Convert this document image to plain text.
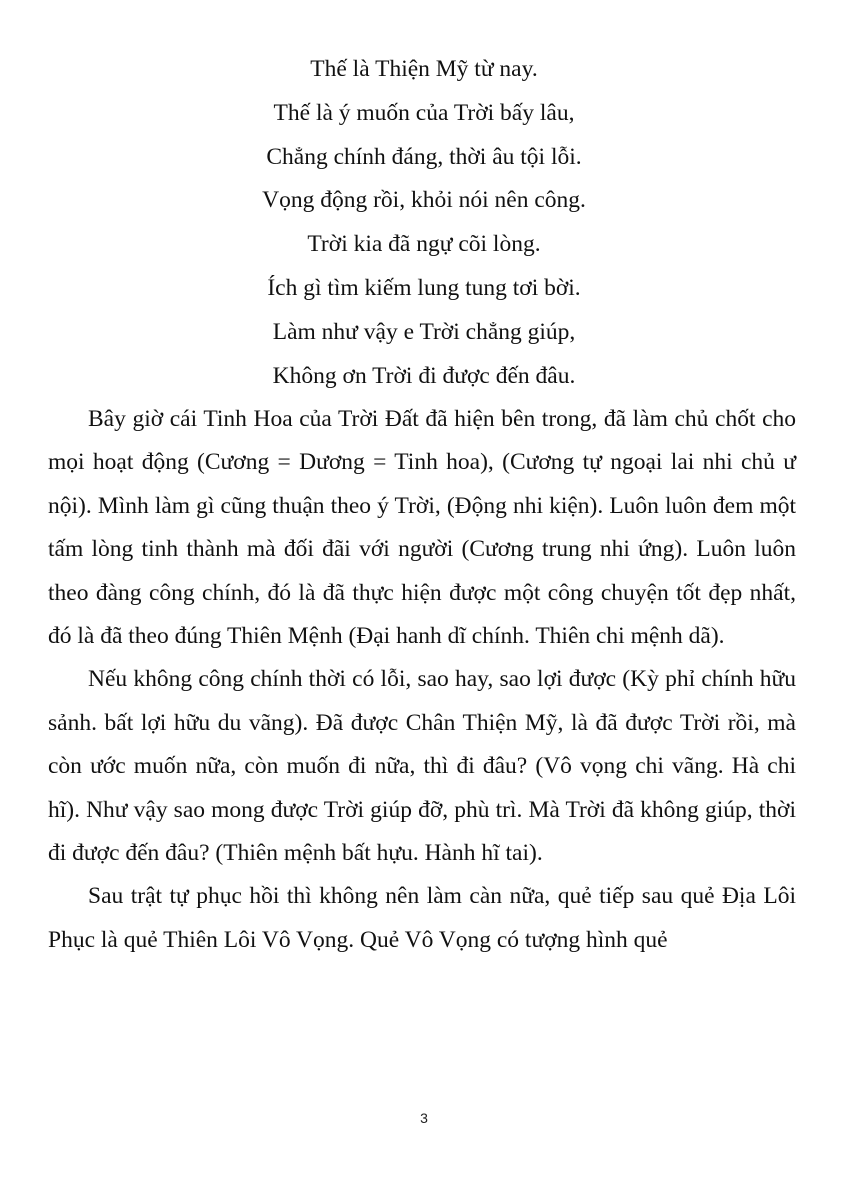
Thế là Thiện Mỹ từ nay.
Thế là ý muốn của Trời bấy lâu,
Chẳng chính đáng, thời âu tội lỗi.
Vọng động rồi, khỏi nói nên công.
Trời kia đã ngự cõi lòng.
Ích gì tìm kiếm lung tung tơi bời.
Làm như vậy e Trời chẳng giúp,
Không ơn Trời đi được đến đâu.

Bây giờ cái Tinh Hoa của Trời Đất đã hiện bên trong, đã làm chủ chốt cho mọi hoạt động (Cương = Dương = Tinh hoa), (Cương tự ngoại lai nhi chủ ư nội). Mình làm gì cũng thuận theo ý Trời, (Động nhi kiện). Luôn luôn đem một tấm lòng tinh thành mà đối đãi với người (Cương trung nhi ứng). Luôn luôn theo đàng công chính, đó là đã thực hiện được một công chuyện tốt đẹp nhất, đó là đã theo đúng Thiên Mệnh (Đại hanh dĩ chính. Thiên chi mệnh dã).

Nếu không công chính thời có lỗi, sao hay, sao lợi được (Kỳ phỉ chính hữu sảnh. bất lợi hữu du vãng). Đã được Chân Thiện Mỹ, là đã được Trời rồi, mà còn ước muốn nữa, còn muốn đi nữa, thì đi đâu? (Vô vọng chi vãng. Hà chi hĩ). Như vậy sao mong được Trời giúp đỡ, phù trì. Mà Trời đã không giúp, thời đi được đến đâu? (Thiên mệnh bất hựu. Hành hĩ tai).

Sau trật tự phục hồi thì không nên làm càn nữa, quẻ tiếp sau quẻ Địa Lôi Phục là quẻ Thiên Lôi Vô Vọng. Quẻ Vô Vọng có tượng hình quẻ

3
